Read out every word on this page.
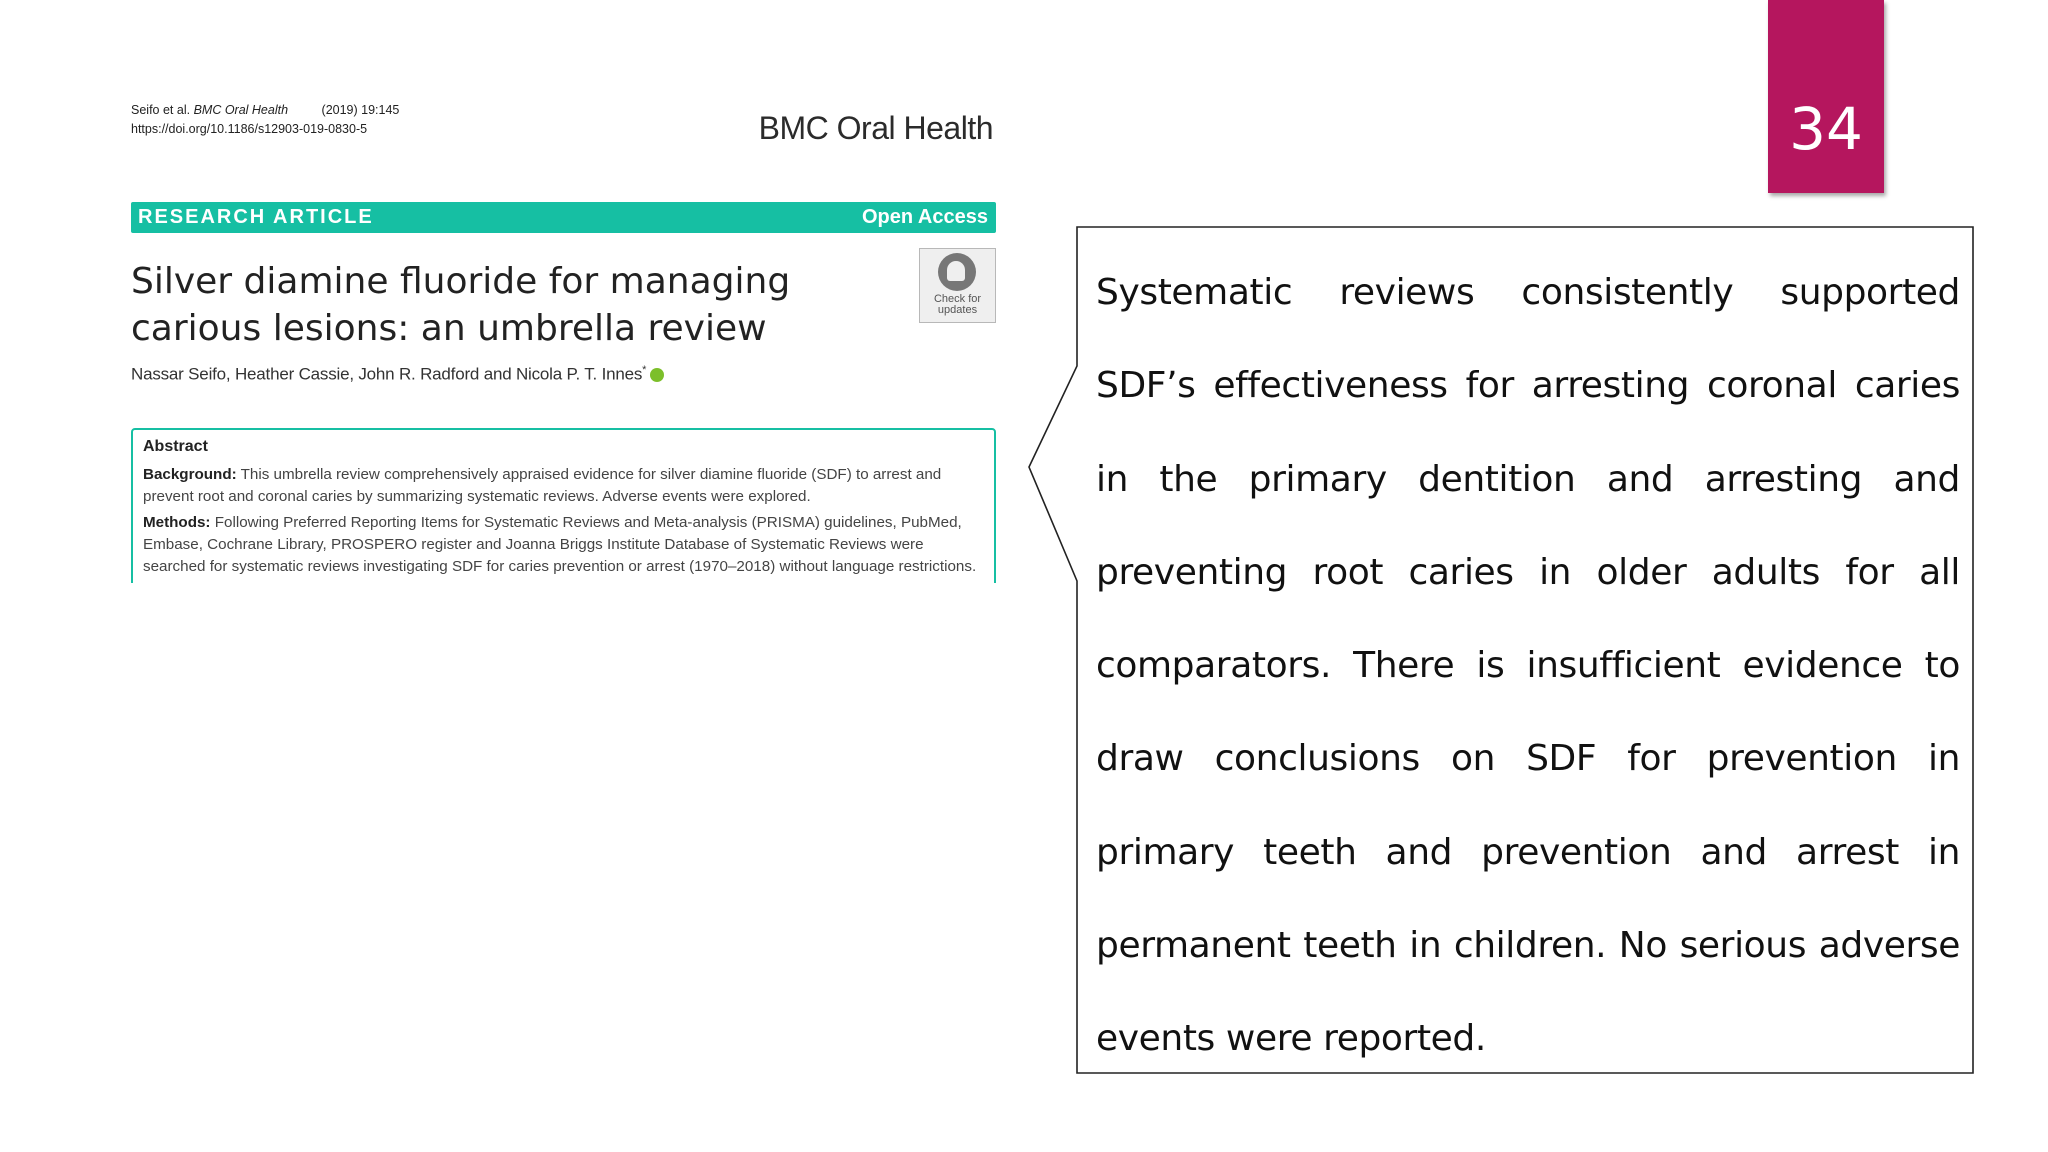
34
Seifo et al. BMC Oral Health	(2019) 19:145
https://doi.org/10.1186/s12903-019-0830-5	BMC Oral Health
RESEARCH ARTICLE	Open Access
Silver diamine fluoride for managing
carious lesions: an umbrella review
Check for
updates
Nassar Seifo, Heather Cassie, John R. Radford and Nicola P. T. Innes*
Abstract
Background: This umbrella review comprehensively appraised evidence for silver diamine fluoride (SDF) to arrest and prevent root and coronal caries by summarizing systematic reviews. Adverse events were explored.
Methods: Following Preferred Reporting Items for Systematic Reviews and Meta-analysis (PRISMA) guidelines, PubMed, Embase, Cochrane Library, PROSPERO register and Joanna Briggs Institute Database of Systematic Reviews were searched for systematic reviews investigating SDF for caries prevention or arrest (1970–2018) without language restrictions.
Systematic reviews consistently supported SDF’s effectiveness for arresting coronal caries in the primary dentition and arresting and preventing root caries in older adults for all comparators. There is insufficient evidence to draw conclusions on SDF for prevention in primary teeth and prevention and arrest in permanent teeth in children. No serious adverse events were reported.
